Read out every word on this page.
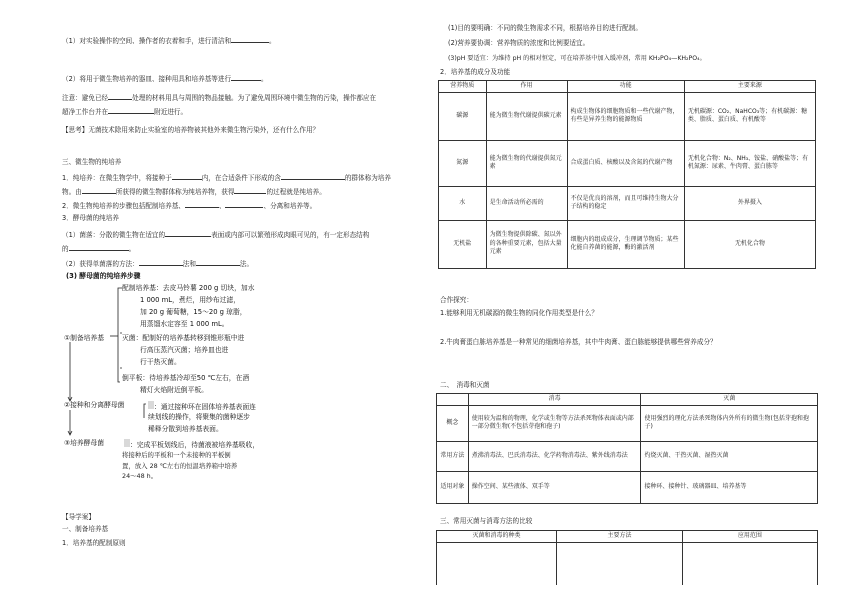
（1）对实验操作的空间、操作者的衣着和手，进行清洁和	。
（2）将用于微生物培养的器皿、接种用具和培养基等进行	。
注意：避免已经	处理的材料用具与周围的物品接触。为了避免周围环境中微生物的污染，操作都应在
超净工作台并在	附近进行。
【思考】无菌技术除用来防止实验室的培养物被其他外来微生物污染外，还有什么作用？
三、微生物的纯培养
1．纯培养：在微生物学中，将接种于	内，在合适条件下形成的含	的群体称为培养
物。由	所获得的微生物群体称为纯培养物，获得	的过程就是纯培养。
2．微生物纯培养的步骤包括配制培养基、	、	、分离和培养等。
3．酵母菌的纯培养
（1）菌落：分散的微生物在适宜的	表面或内部可以繁殖形成肉眼可见的，有一定形态结构
的	。
（2）获得单菌落的方法：	法和	法。
(3) 酵母菌的纯培养步骤
配制培养基：去皮马铃薯 200 g 切块，加水
1 000 mL，煮烂，用纱布过滤，
加 20 g 葡萄糖，15～20 g 琼脂，
用蒸馏水定容至 1 000 mL。
①制备培养基	灭菌：配制好的培养基转移到锥形瓶中进
行高压蒸汽灭菌；培养皿也进
行干热灭菌。
倒平板：待培养基冷却至50 ℃左右，在酒
精灯火焰附近倒平板。
②接种和分离酵母菌	：通过接种环在固体培养基表面连
续划线的操作，将聚集的菌种逐步
稀释分散到培养基表面。
③培养酵母菌	：完成平板划线后，待菌液被培养基吸收，
将接种后的平板和一个未接种的平板倒
置，放入 28 ℃左右的恒温培养箱中培养
24～48 h。
【导学案】
一、制备培养基
1．培养基的配制原则
(1)目的要明确：不同的微生物需求不同，根据培养目的进行配制。
(2)营养要协调：营养物质的浓度和比例要适宜。
(3)pH 要适宜：为维持 pH 的相对恒定，可在培养基中加入缓冲剂，常用 KH₂PO₄—KH₂PO₄。
2．培养基的成分及功能
营养物质	作用	功能	主要来源
碳源	能为微生物代谢提供碳元素	构成生物体的细胞物质和一些代谢产物，有些是异养生物的能源物质	无机碳源：CO₂、NaHCO₃等；有机碳源：糖类、脂质、蛋白质、有机酸等
氮源	能为微生物的代谢提供氮元素	合成蛋白质、核酸以及含氮的代谢产物	无机化合物：N₂、NH₃、铵盐、硝酸盐等；有机氮源：尿素、牛肉膏、蛋白胨等
水	是生命活动所必需的	不仅是优良的溶剂，而且可维持生物大分子结构的稳定	外界摄入
无机盐	为微生物提供除碳、氮以外的各种重要元素，包括大量元素	细胞内的组成成分，生理调节物质；某些化能自养菌的能源，酶的激活剂	无机化合物
合作探究：
1.能够利用无机碳源的微生物的同化作用类型是什么？
2.牛肉膏蛋白胨培养基是一种常见的细菌培养基，其中牛肉膏、蛋白胨能够提供哪些营养成分？
二、　消毒和灭菌
	消毒	灭菌
概念	使用较为温和的物理，化学或生物等方法杀死物体表面或内部一部分微生物(不包括芽孢和孢子)	使用强烈的理化方法杀死物体内外所有的微生物(包括芽孢和孢子)
常用方法	煮沸消毒法、巴氏消毒法、化学药物消毒法、紫外线消毒法	灼烧灭菌、干热灭菌、湿热灭菌
适用对象	操作空间、某些液体、双手等	接种环、接种针、玻璃器皿、培养基等
三、常用灭菌与消毒方法的比较
灭菌和消毒的种类	主要方法	应用范围
